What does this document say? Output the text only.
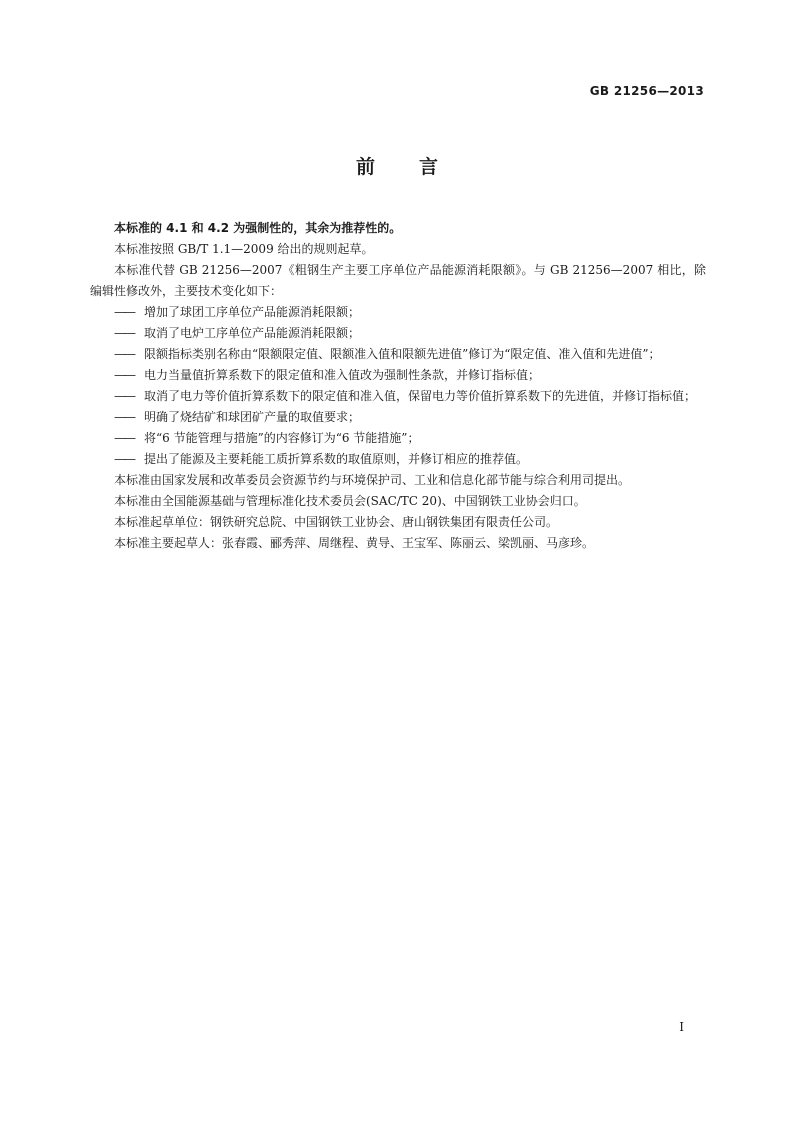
GB 21256—2013
前言

本标准的 4.1 和 4.2 为强制性的，其余为推荐性的。

本标准按照 GB/T 1.1—2009 给出的规则起草。

本标准代替 GB 21256—2007《粗钢生产主要工序单位产品能源消耗限额》。与 GB 21256—2007 相比，除编辑性修改外，主要技术变化如下：

—— 增加了球团工序单位产品能源消耗限额；
—— 取消了电炉工序单位产品能源消耗限额；
—— 限额指标类别名称由“限额限定值、限额准入值和限额先进值”修订为“限定值、准入值和先进值”；
—— 电力当量值折算系数下的限定值和准入值改为强制性条款，并修订指标值；
—— 取消了电力等价值折算系数下的限定值和准入值，保留电力等价值折算系数下的先进值，并修订指标值；
—— 明确了烧结矿和球团矿产量的取值要求；
—— 将“6 节能管理与措施”的内容修订为“6 节能措施”；
—— 提出了能源及主要耗能工质折算系数的取值原则，并修订相应的推荐值。

本标准由国家发展和改革委员会资源节约与环境保护司、工业和信息化部节能与综合利用司提出。

本标准由全国能源基础与管理标准化技术委员会(SAC/TC 20)、中国钢铁工业协会归口。

本标准起草单位：钢铁研究总院、中国钢铁工业协会、唐山钢铁集团有限责任公司。

本标准主要起草人：张春霞、郦秀萍、周继程、黄导、王宝军、陈丽云、梁凯丽、马彦珍。

I
